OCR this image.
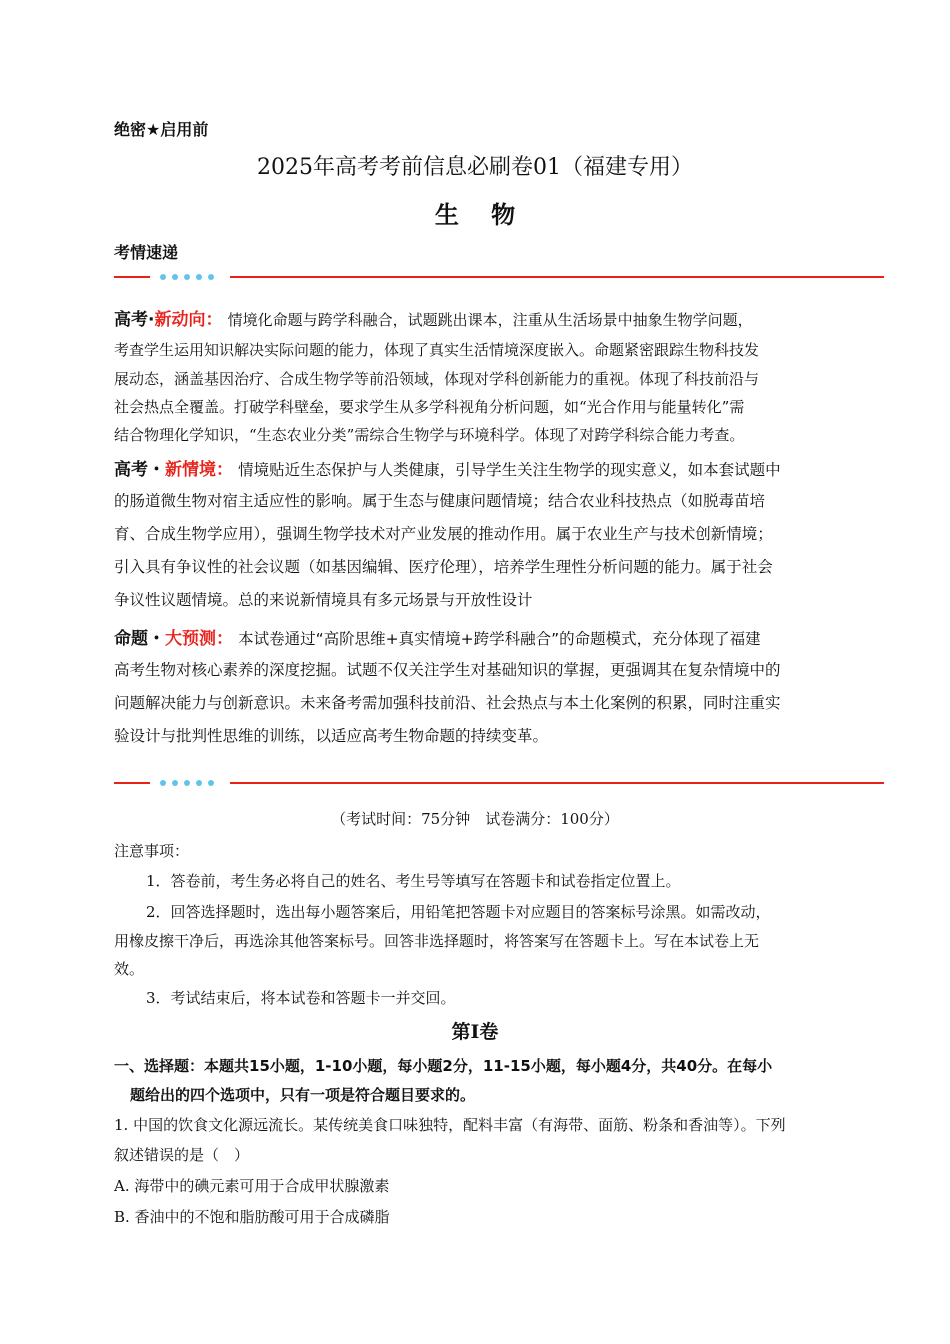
绝密★启用前
2025年高考考前信息必刷卷01（福建专用）
生 物
考情速递
高考·新动向： 情境化命题与跨学科融合，试题跳出课本，注重从生活场景中抽象生物学问题，
考查学生运用知识解决实际问题的能力，体现了真实生活情境深度嵌入。命题紧密跟踪生物科技发
展动态，涵盖基因治疗、合成生物学等前沿领域，体现对学科创新能力的重视。体现了科技前沿与
社会热点全覆盖。打破学科壁垒，要求学生从多学科视角分析问题，如“光合作用与能量转化”需
结合物理化学知识，“生态农业分类”需综合生物学与环境科学。体现了对跨学科综合能力考查。
高考・新情境： 情境贴近生态保护与人类健康，引导学生关注生物学的现实意义，如本套试题中
的肠道微生物对宿主适应性的影响。属于生态与健康问题情境；结合农业科技热点（如脱毒苗培
育、合成生物学应用），强调生物学技术对产业发展的推动作用。属于农业生产与技术创新情境；
引入具有争议性的社会议题（如基因编辑、医疗伦理），培养学生理性分析问题的能力。属于社会
争议性议题情境。总的来说新情境具有多元场景与开放性设计
命题・大预测： 本试卷通过“高阶思维+真实情境+跨学科融合”的命题模式，充分体现了福建
高考生物对核心素养的深度挖掘。试题不仅关注学生对基础知识的掌握，更强调其在复杂情境中的
问题解决能力与创新意识。未来备考需加强科技前沿、社会热点与本土化案例的积累，同时注重实
验设计与批判性思维的训练，以适应高考生物命题的持续变革。
（考试时间：75分钟　试卷满分：100分）
注意事项：
1．答卷前，考生务必将自己的姓名、考生号等填写在答题卡和试卷指定位置上。
2．回答选择题时，选出每小题答案后，用铅笔把答题卡对应题目的答案标号涂黑。如需改动，
用橡皮擦干净后，再选涂其他答案标号。回答非选择题时，将答案写在答题卡上。写在本试卷上无
效。
3．考试结束后，将本试卷和答题卡一并交回。
第Ⅰ卷
一、选择题：本题共15小题，1-10小题，每小题2分，11-15小题，每小题4分，共40分。在每小
题给出的四个选项中，只有一项是符合题目要求的。
1. 中国的饮食文化源远流长。某传统美食口味独特，配料丰富（有海带、面筋、粉条和香油等）。下列
叙述错误的是（　）
A. 海带中的碘元素可用于合成甲状腺激素
B. 香油中的不饱和脂肪酸可用于合成磷脂
